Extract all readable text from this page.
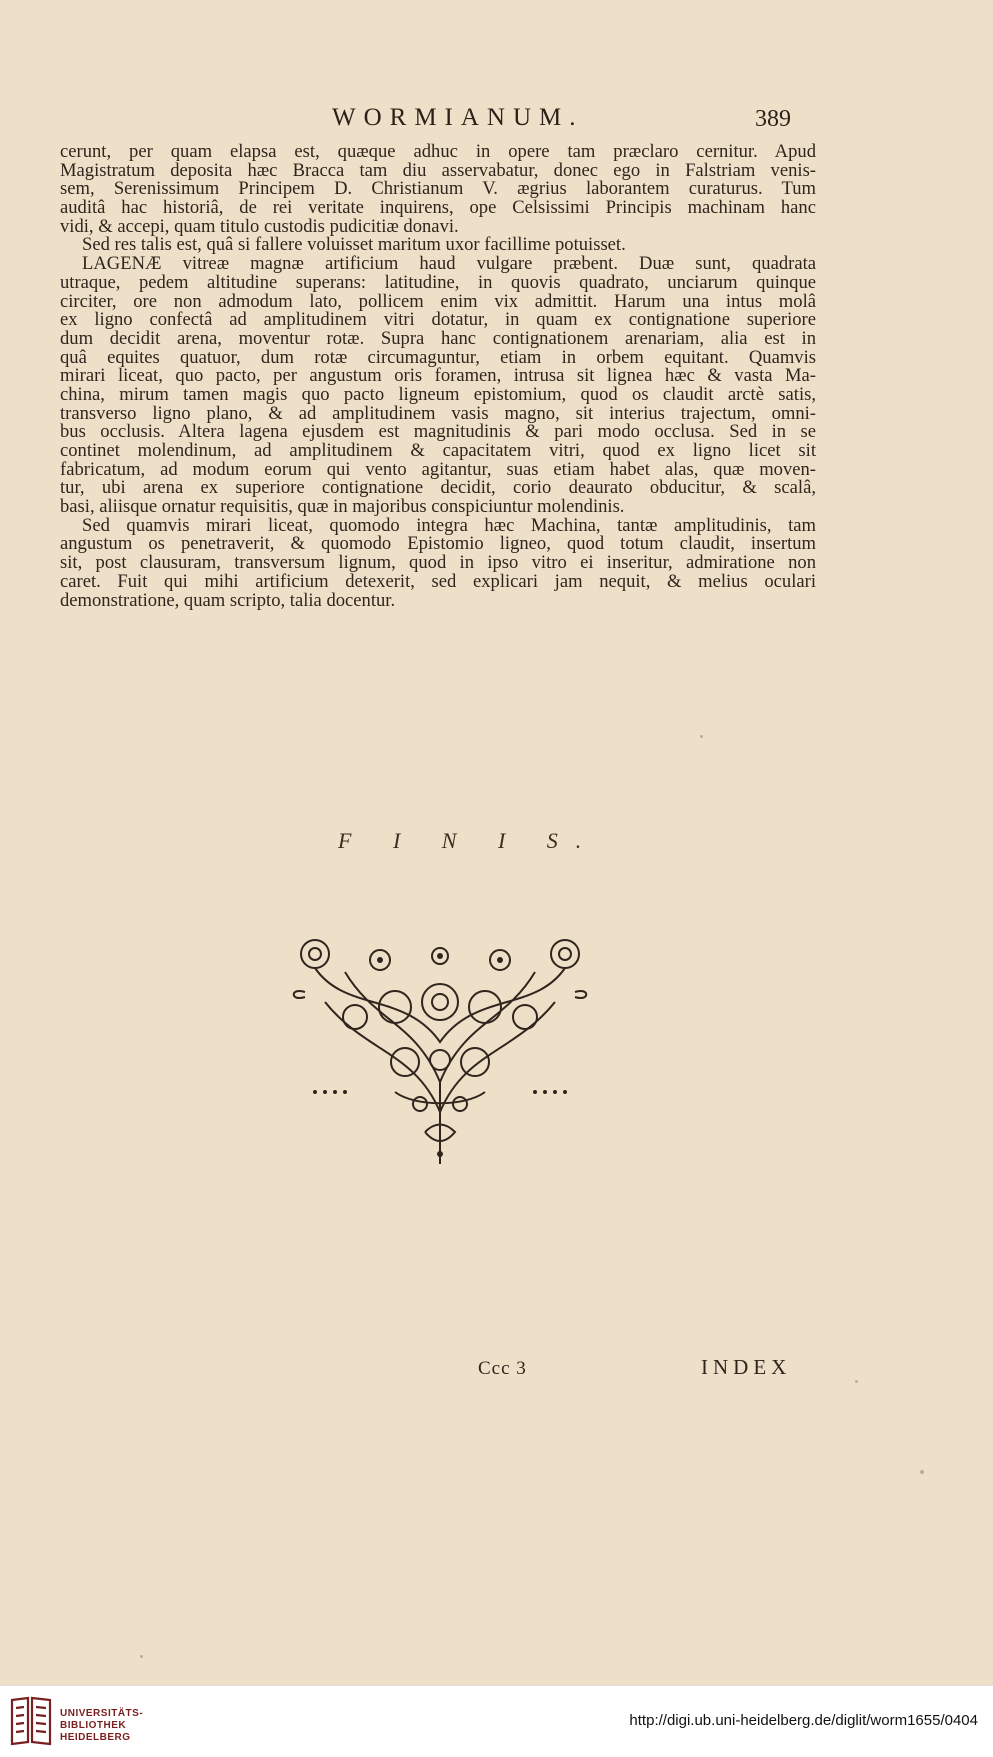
WORMIANUM.	389
cerunt, per quam elapsa est, quæque adhuc in opere tam præclaro cernitur. Apud
Magistratum deposita hæc Bracca tam diu asservabatur, donec ego in Falstriam venis-
sem, Serenissimum Principem D. Christianum V. ægrius laborantem curaturus. Tum
auditâ hac historiâ, de rei veritate inquirens, ope Celsissimi Principis machinam hanc
vidi, & accepi, quam titulo custodis pudicitiæ donavi.
Sed res talis est, quâ si fallere voluisset maritum uxor facillime potuisset.
LAGENÆ vitreæ magnæ artificium haud vulgare præbent. Duæ sunt, quadrata
utraque, pedem altitudine superans: latitudine, in quovis quadrato, unciarum quinque
circiter, ore non admodum lato, pollicem enim vix admittit. Harum una intus molâ
ex ligno confectâ ad amplitudinem vitri dotatur, in quam ex contignatione superiore
dum decidit arena, moventur rotæ. Supra hanc contignationem arenariam, alia est in
quâ equites quatuor, dum rotæ circumaguntur, etiam in orbem equitant. Quamvis
mirari liceat, quo pacto, per angustum oris foramen, intrusa sit lignea hæc & vasta Ma-
china, mirum tamen magis quo pacto ligneum epistomium, quod os claudit arctè satis,
transverso ligno plano, & ad amplitudinem vasis magno, sit interius trajectum, omni-
bus occlusis. Altera lagena ejusdem est magnitudinis & pari modo occlusa. Sed in se
continet molendinum, ad amplitudinem & capacitatem vitri, quod ex ligno licet sit
fabricatum, ad modum eorum qui vento agitantur, suas etiam habet alas, quæ moven-
tur, ubi arena ex superiore contignatione decidit, corio deaurato obducitur, & scalâ,
basi, aliisque ornatur requisitis, quæ in majoribus conspiciuntur molendinis.
Sed quamvis mirari liceat, quomodo integra hæc Machina, tantæ amplitudinis, tam
angustum os penetraverit, & quomodo Epistomio ligneo, quod totum claudit, insertum
sit, post clausuram, transversum lignum, quod in ipso vitro ei inseritur, admiratione non
caret. Fuit qui mihi artificium detexerit, sed explicari jam nequit, & melius oculari
demonstratione, quam scripto, talia docentur.
F I N I S.
Ccc 3	INDEX
UNIVERSITÄTS-
BIBLIOTHEK
HEIDELBERG
http://digi.ub.uni-heidelberg.de/diglit/worm1655/0404
